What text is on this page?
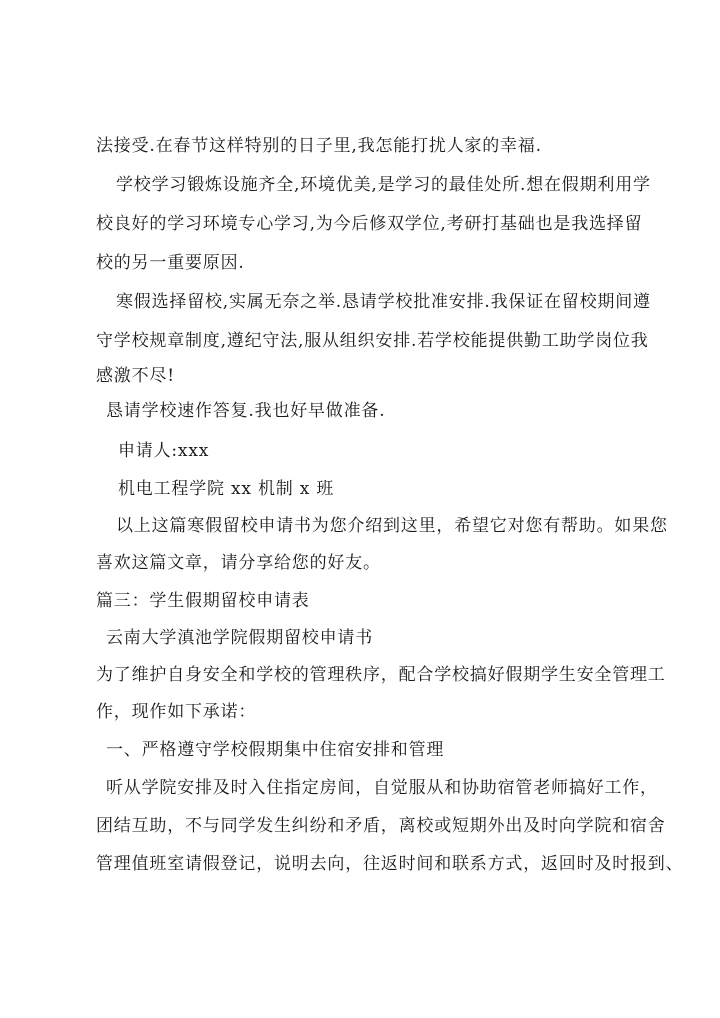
法接受.在春节这样特别的日子里,我怎能打扰人家的幸福.
学校学习锻炼设施齐全,环境优美,是学习的最佳处所.想在假期利用学
校良好的学习环境专心学习,为今后修双学位,考研打基础也是我选择留
校的另一重要原因.
寒假选择留校,实属无奈之举.恳请学校批准安排.我保证在留校期间遵
守学校规章制度,遵纪守法,服从组织安排.若学校能提供勤工助学岗位我
感激不尽!
恳请学校速作答复.我也好早做准备.
申请人:xxx
机电工程学院 xx 机制 x 班
以上这篇寒假留校申请书为您介绍到这里，希望它对您有帮助。如果您
喜欢这篇文章，请分享给您的好友。
篇三：学生假期留校申请表
云南大学滇池学院假期留校申请书
为了维护自身安全和学校的管理秩序，配合学校搞好假期学生安全管理工
作，现作如下承诺：
一、严格遵守学校假期集中住宿安排和管理
听从学院安排及时入住指定房间，自觉服从和协助宿管老师搞好工作，
团结互助，不与同学发生纠纷和矛盾，离校或短期外出及时向学院和宿舍
管理值班室请假登记，说明去向，往返时间和联系方式，返回时及时报到、
